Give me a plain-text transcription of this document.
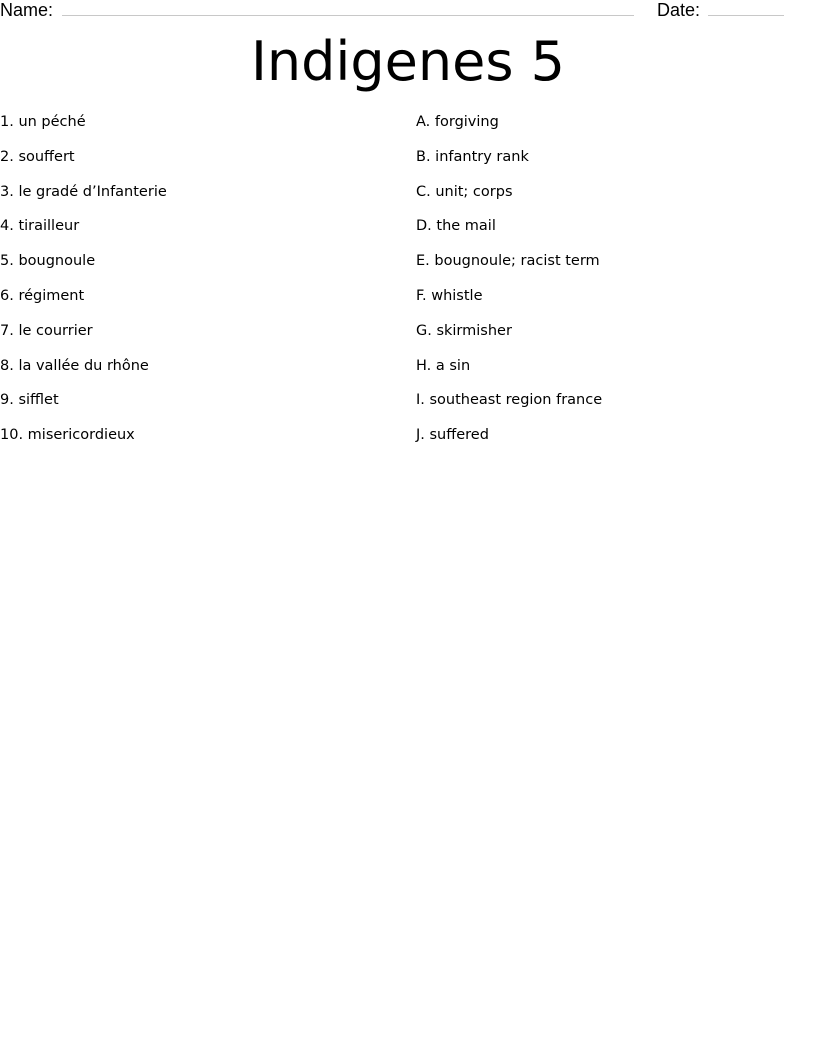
Name:	Date:
Indigenes 5
1. un péché
2. souffert
3. le gradé d’Infanterie
4. tirailleur
5. bougnoule
6. régiment
7. le courrier
8. la vallée du rhône
9. sifflet
10. misericordieux
A. forgiving
B. infantry rank
C. unit; corps
D. the mail
E. bougnoule; racist term
F. whistle
G. skirmisher
H. a sin
I. southeast region france
J. suffered
